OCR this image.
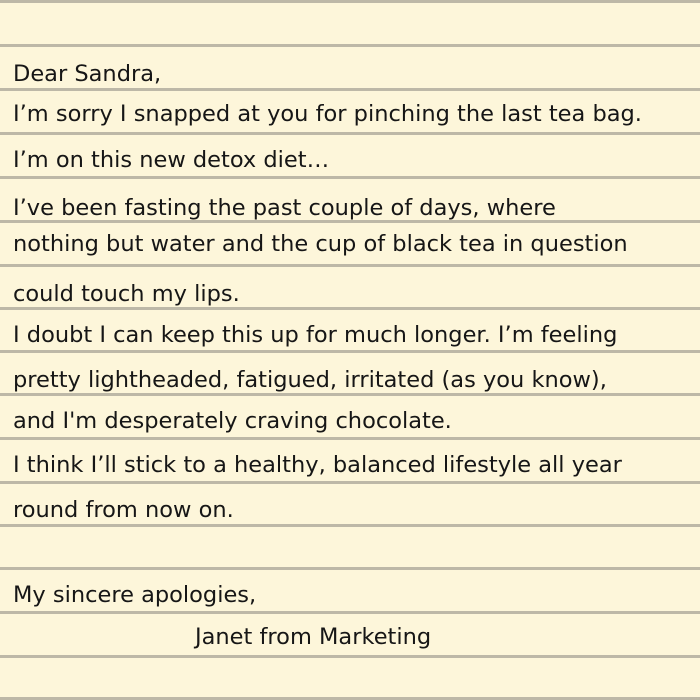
Dear Sandra,
I’m sorry I snapped at you for pinching the last tea bag.
I’m on this new detox diet…
I’ve been fasting the past couple of days, where
nothing but water and the cup of black tea in question
could touch my lips.
I doubt I can keep this up for much longer. I’m feeling
pretty lightheaded, fatigued, irritated (as you know),
and I'm desperately craving chocolate.
I think I’ll stick to a healthy, balanced lifestyle all year
round from now on.
My sincere apologies,
Janet from Marketing
